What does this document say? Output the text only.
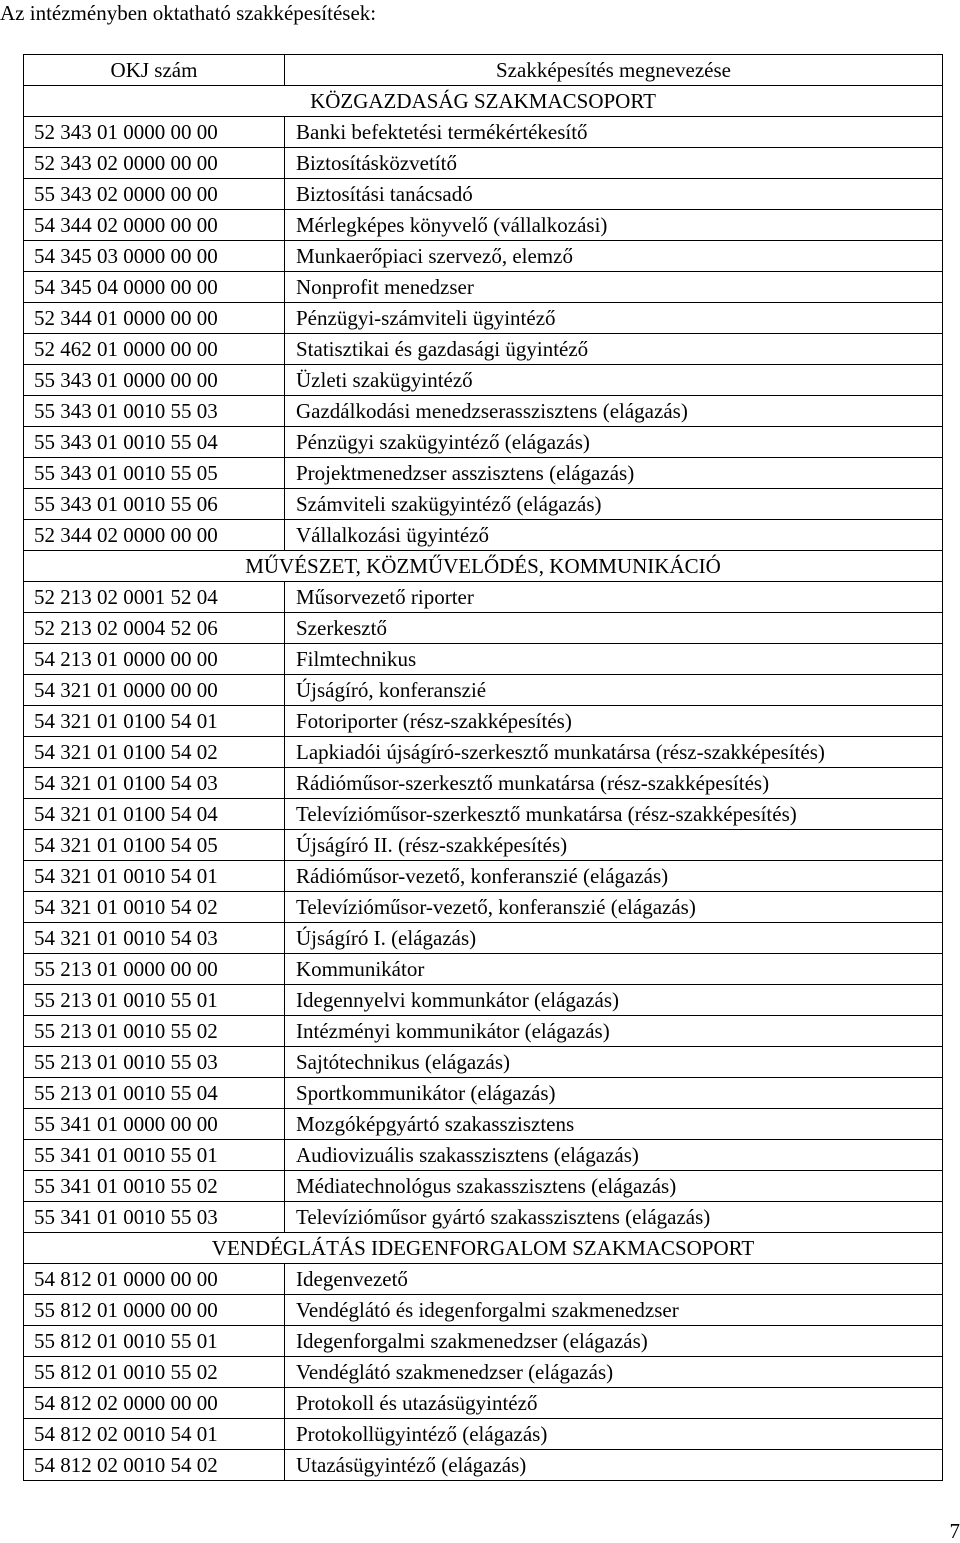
Az intézményben oktatható szakképesítések:
OKJ szám	Szakképesítés megnevezése
KÖZGAZDASÁG SZAKMACSOPORT	
52 343 01 0000 00 00	Banki befektetési termékértékesítő
52 343 02 0000 00 00	Biztosításközvetítő
55 343 02 0000 00 00	Biztosítási tanácsadó
54 344 02 0000 00 00	Mérlegképes könyvelő (vállalkozási)
54 345 03 0000 00 00	Munkaerőpiaci szervező, elemző
54 345 04 0000 00 00	Nonprofit menedzser
52 344 01 0000 00 00	Pénzügyi-számviteli ügyintéző
52 462 01 0000 00 00	Statisztikai és gazdasági ügyintéző
55 343 01 0000 00 00	Üzleti szakügyintéző
55 343 01 0010 55 03	Gazdálkodási menedzserasszisztens (elágazás)
55 343 01 0010 55 04	Pénzügyi szakügyintéző (elágazás)
55 343 01 0010 55 05	Projektmenedzser asszisztens (elágazás)
55 343 01 0010 55 06	Számviteli szakügyintéző (elágazás)
52 344 02 0000 00 00	Vállalkozási ügyintéző
MŰVÉSZET, KÖZMŰVELŐDÉS, KOMMUNIKÁCIÓ	
52 213 02 0001 52 04	Műsorvezető riporter
52 213 02 0004 52 06	Szerkesztő
54 213 01 0000 00 00	Filmtechnikus
54 321 01 0000 00 00	Újságíró, konferanszié
54 321 01 0100 54 01	Fotoriporter (rész-szakképesítés)
54 321 01 0100 54 02	Lapkiadói újságíró-szerkesztő munkatársa (rész-szakképesítés)
54 321 01 0100 54 03	Rádióműsor-szerkesztő munkatársa (rész-szakképesítés)
54 321 01 0100 54 04	Televízióműsor-szerkesztő munkatársa (rész-szakképesítés)
54 321 01 0100 54 05	Újságíró II. (rész-szakképesítés)
54 321 01 0010 54 01	Rádióműsor-vezető, konferanszié (elágazás)
54 321 01 0010 54 02	Televízióműsor-vezető, konferanszié (elágazás)
54 321 01 0010 54 03	Újságíró I. (elágazás)
55 213 01 0000 00 00	Kommunikátor
55 213 01 0010 55 01	Idegennyelvi kommunkátor (elágazás)
55 213 01 0010 55 02	Intézményi kommunikátor (elágazás)
55 213 01 0010 55 03	Sajtótechnikus (elágazás)
55 213 01 0010 55 04	Sportkommunikátor (elágazás)
55 341 01 0000 00 00	Mozgóképgyártó szakasszisztens
55 341 01 0010 55 01	Audiovizuális szakasszisztens (elágazás)
55 341 01 0010 55 02	Médiatechnológus szakasszisztens (elágazás)
55 341 01 0010 55 03	Televízióműsor gyártó szakasszisztens (elágazás)
VENDÉGLÁTÁS IDEGENFORGALOM SZAKMACSOPORT	
54 812 01 0000 00 00	Idegenvezető
55 812 01 0000 00 00	Vendéglátó és idegenforgalmi szakmenedzser
55 812 01 0010 55 01	Idegenforgalmi szakmenedzser (elágazás)
55 812 01 0010 55 02	Vendéglátó szakmenedzser (elágazás)
54 812 02 0000 00 00	Protokoll és utazásügyintéző
54 812 02 0010 54 01	Protokollügyintéző (elágazás)
54 812 02 0010 54 02	Utazásügyintéző (elágazás)
7
